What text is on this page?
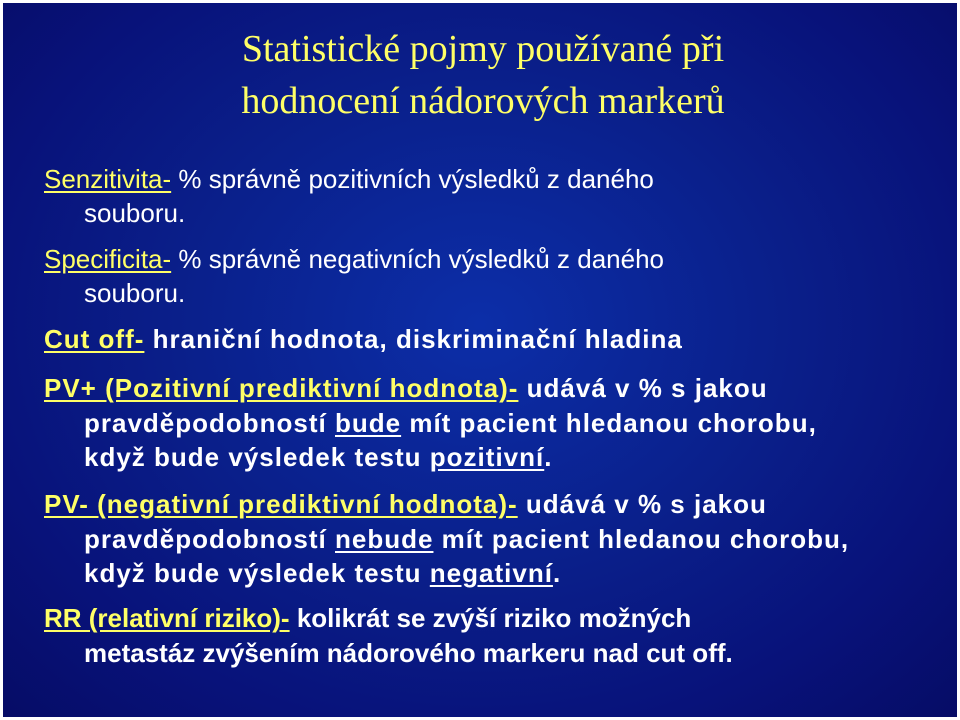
Statistické pojmy používané při
hodnocení nádorových markerů
Senzitivita- % správně pozitivních výsledků z daného
souboru.
Specificita- % správně negativních výsledků z daného
souboru.
Cut off- hraniční hodnota, diskriminační hladina
PV+ (Pozitivní prediktivní hodnota)- udává v % s jakou
pravděpodobností bude mít pacient hledanou chorobu,
když bude výsledek testu pozitivní.
PV- (negativní prediktivní hodnota)- udává v % s jakou
pravděpodobností nebude mít pacient hledanou chorobu,
když bude výsledek testu negativní.
RR (relativní riziko)- kolikrát se zvýší riziko možných
metastáz zvýšením nádorového markeru nad cut off.
